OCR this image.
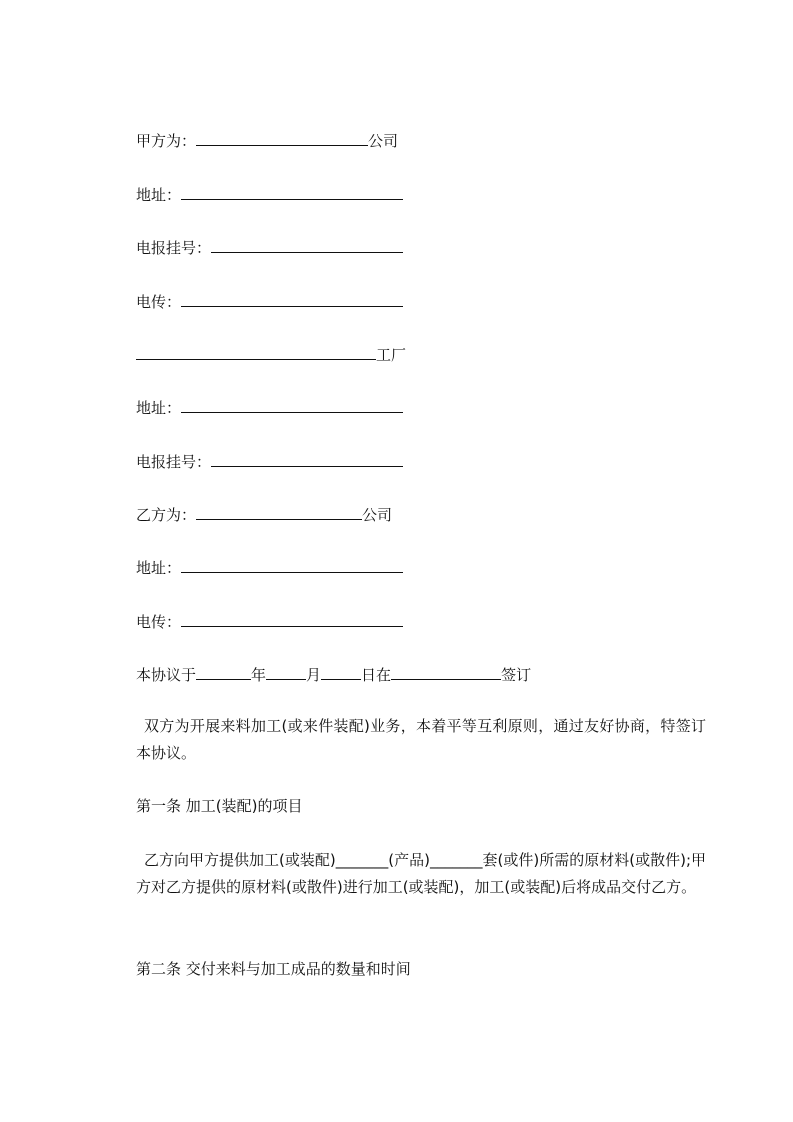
甲方为：	公司
地址：
电报挂号：
电传：
工厂
地址：
电报挂号：
乙方为：	公司
地址：
电传：
本协议于	年	月	日在	签订
双方为开展来料加工(或来件装配)业务，本着平等互利原则，通过友好协商，特签订本协议。
第一条 加工(装配)的项目
乙方向甲方提供加工(或装配)_______(产品)_______套(或件)所需的原材料(或散件);甲方对乙方提供的原材料(或散件)进行加工(或装配)，加工(或装配)后将成品交付乙方。
第二条 交付来料与加工成品的数量和时间
